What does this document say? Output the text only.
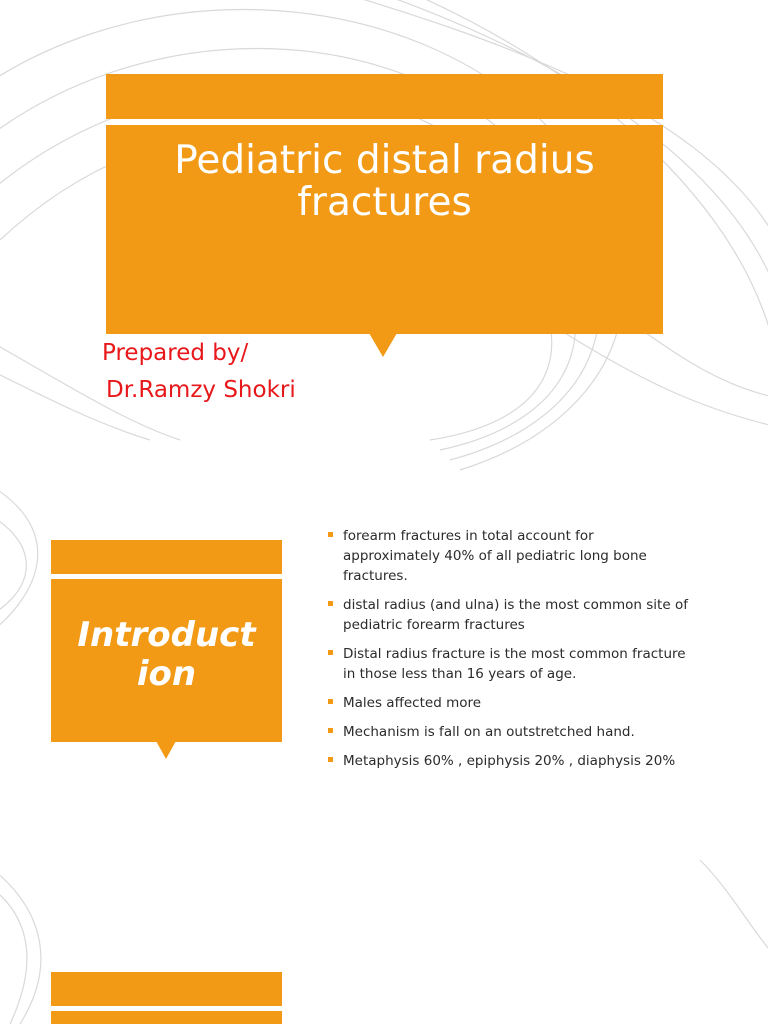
Pediatric distal radius
fractures
Prepared by/
Dr.Ramzy Shokri
Introduct
ion
forearm fractures in total account for
approximately 40% of all pediatric long bone
fractures.
distal radius (and ulna) is the most common site of
pediatric forearm fractures
Distal radius fracture is the most common fracture
in those less than 16 years of age.
Males affected more
Mechanism is fall on an outstretched hand.
Metaphysis 60% , epiphysis 20% , diaphysis 20%
